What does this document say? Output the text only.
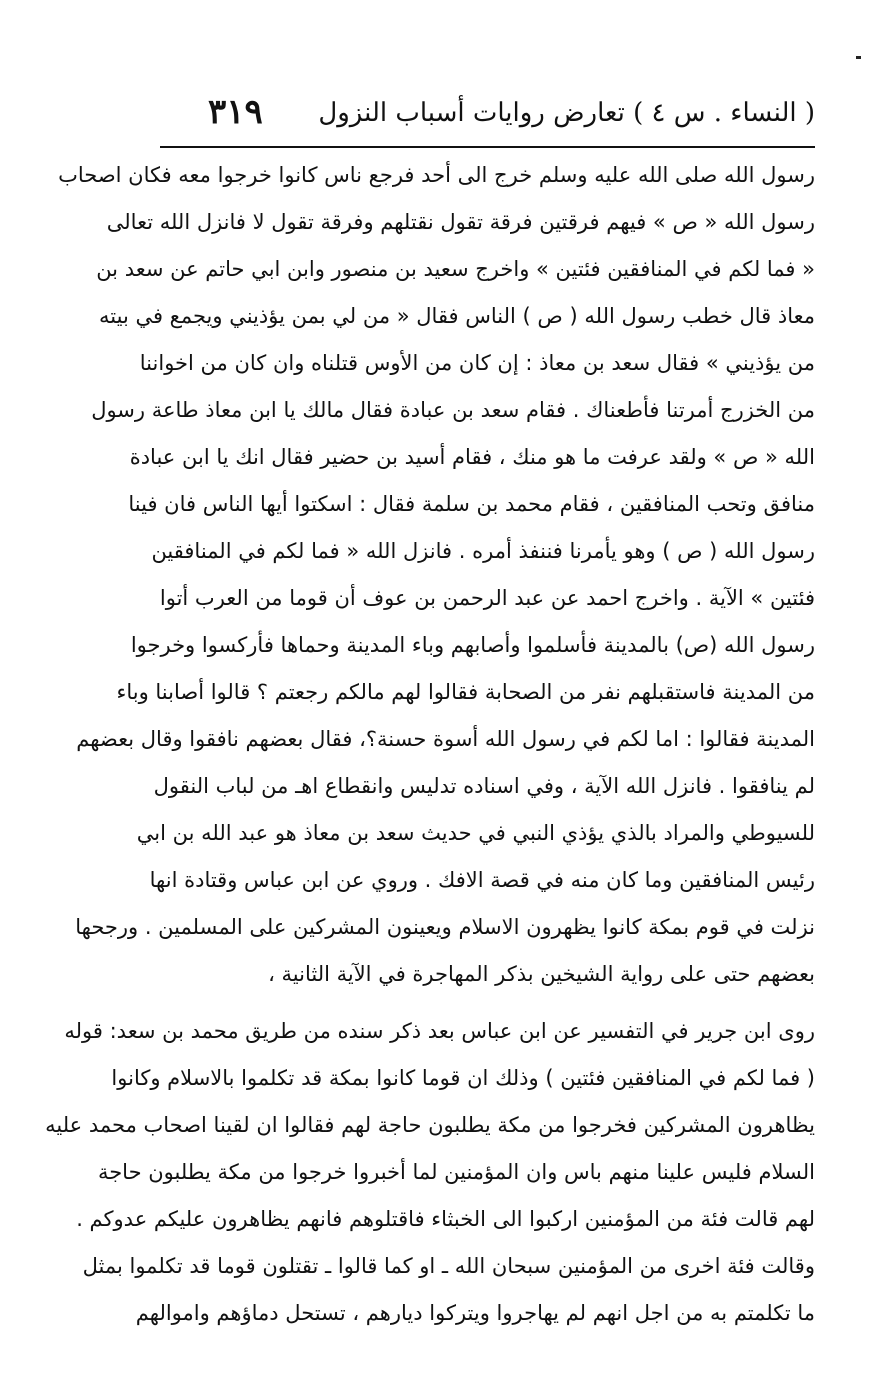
( النساء . س ٤ ) تعارض روايات أسباب النزول
٣١٩
رسول الله صلى الله عليه وسلم خرج الى أحد فرجع ناس كانوا خرجوا معه فكان اصحاب
رسول الله « ص » فيهم فرقتين فرقة تقول نقتلهم وفرقة تقول لا فانزل الله تعالى
« فما لكم في المنافقين فئتين » واخرج سعيد بن منصور وابن ابي حاتم عن سعد بن
معاذ قال خطب رسول الله ( ص ) الناس فقال « من لي بمن يؤذيني ويجمع في بيته
من يؤذيني » فقال سعد بن معاذ : إن كان من الأوس قتلناه وان كان من اخواننا
من الخزرج أمرتنا فأطعناك . فقام سعد بن عبادة فقال مالك يا ابن معاذ طاعة رسول
الله « ص » ولقد عرفت ما هو منك ، فقام أسيد بن حضير فقال انك يا ابن عبادة
منافق وتحب المنافقين ، فقام محمد بن سلمة فقال : اسكتوا أيها الناس فان فينا
رسول الله ( ص ) وهو يأمرنا فننفذ أمره . فانزل الله « فما لكم في المنافقين
فئتين » الآية . واخرج احمد عن عبد الرحمن بن عوف أن قوما من العرب أتوا
رسول الله (ص) بالمدينة فأسلموا وأصابهم وباء المدينة وحماها فأركسوا وخرجوا
من المدينة فاستقبلهم نفر من الصحابة فقالوا لهم مالكم رجعتم ؟ قالوا أصابنا وباء
المدينة فقالوا : اما لكم في رسول الله أسوة حسنة؟، فقال بعضهم نافقوا وقال بعضهم
لم ينافقوا . فانزل الله الآية ، وفي اسناده تدليس وانقطاع اهـ من لباب النقول
للسيوطي والمراد بالذي يؤذي النبي في حديث سعد بن معاذ هو عبد الله بن ابي
رئيس المنافقين وما كان منه في قصة الافك . وروي عن ابن عباس وقتادة انها
نزلت في قوم بمكة كانوا يظهرون الاسلام ويعينون المشركين على المسلمين . ورجحها
بعضهم حتى على رواية الشيخين بذكر المهاجرة في الآية الثانية ،
روى ابن جرير في التفسير عن ابن عباس بعد ذكر سنده من طريق محمد بن سعد: قوله
( فما لكم في المنافقين فئتين ) وذلك ان قوما كانوا بمكة قد تكلموا بالاسلام وكانوا
يظاهرون المشركين فخرجوا من مكة يطلبون حاجة لهم فقالوا ان لقينا اصحاب محمد عليه
السلام فليس علينا منهم باس وان المؤمنين لما أخبروا خرجوا من مكة يطلبون حاجة
لهم قالت فئة من المؤمنين اركبوا الى الخبثاء فاقتلوهم فانهم يظاهرون عليكم عدوكم .
وقالت فئة اخرى من المؤمنين سبحان الله ـ او كما قالوا ـ تقتلون قوما قد تكلموا بمثل
ما تكلمتم به من اجل انهم لم يهاجروا ويتركوا ديارهم ، تستحل دماؤهم واموالهم
